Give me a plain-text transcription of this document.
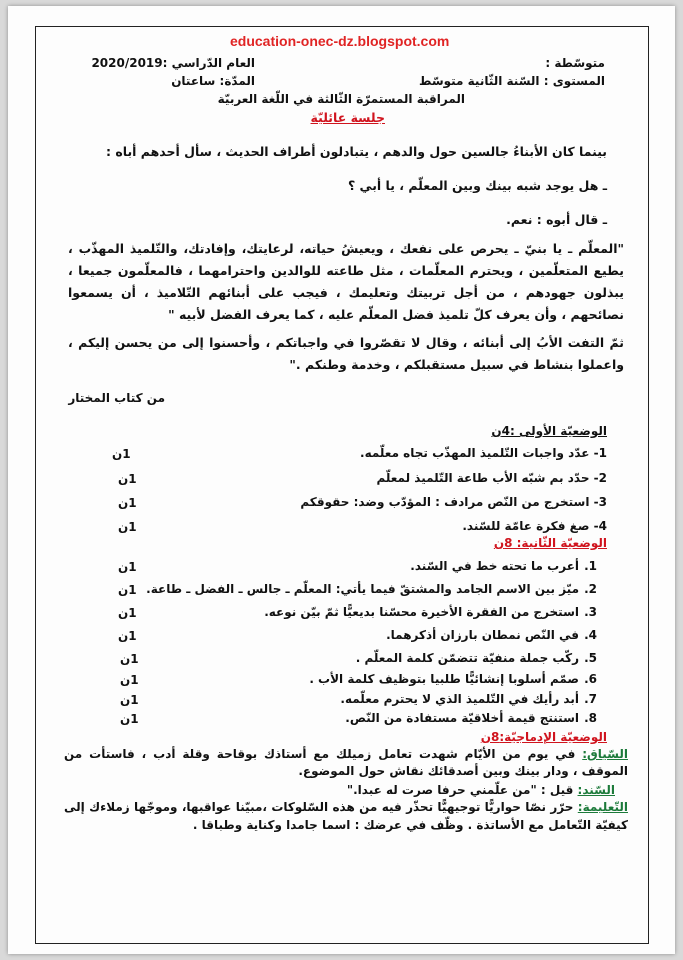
education-onec-dz.blogspot.com
متوسّطة :
العام الدّراسي :2020/2019
المستوى : السّنة الثّانية متوسّط
المدّة: ساعتان
المراقبة المستمرّة الثّالثة في اللّغة العربيّة
جلسة عائليّة
بينما كان الأبناءُ جالسين حول والدهم ، يتبادلون أطراف الحديث ، سأل أحدهم أباه :
ـ هل يوجد شبه بينك وبين المعلّم ، يا أبي ؟
ـ قال أبوه : نعم.
"المعلّم ـ يا بنيّ ـ يحرص على نفعك ، ويعيشُ حياته، لرعايتك، وإفادتك، والتّلميذ المهذّب ، يطيع المتعلّمين ، ويحترم المعلّمات ، مثل طاعته للوالدين واحترامهما ، فالمعلّمون جميعا ، يبذلون جهودهم ، من أجل تربيتك وتعليمك ، فيجب على أبنائهم التّلاميذ ، أن يسمعوا نصائحهم ، وأن يعرف كلّ تلميذ فضل المعلّم عليه ، كما يعرف الفضل لأبيه "
ثمّ التفت الأبُ إلى أبنائه ، وقال لا تقصّروا في واجباتكم ، وأحسنوا إلى من يحسن إليكم ، واعملوا بنشاط في سبيل مستقبلكم ، وخدمة وطنكم ."
من كتاب المختار
الوضعيّة الأولى :4ن
1- عدّد واجبات التّلميذ المهذّب تجاه معلّمه.
1ن
2- حدّد بم شبّه الأب طاعة التّلميذ لمعلّم
1ن
3- استخرج من النّص مرادف : المؤدّب وضد: حقوقكم
1ن
4- صغ فكرة عامّة للسّند.
1ن
الوضعيّة الثّانية: 8ن
1.أعرب ما تحته خط في السّند.
1ن
2.ميّز بين الاسم الجامد والمشتقّ فيما يأتي: المعلّم ـ جالس ـ الفضل ـ طاعة.
1ن
3.استخرج من الفقرة الأخيرة محسّنا بديعيًّا ثمّ بيّن نوعه.
1ن
4.في النّص نمطان بارزان أذكرهما.
1ن
5.ركّب جملة منفيّة تتضمّن كلمة المعلّم .
1ن
6.صمّم أسلوبا إنشائيًّا طلبيا بتوظيف كلمة الأب .
1ن
7.أبد رأيك في التّلميذ الذي لا يحترم معلّمه.
1ن
8.استنتج قيمة أخلاقيّة مستفادة من النّص.
1ن
الوضعيّة الإدماجيّة:8ن
السّياق: في يوم من الأيّام شهدت تعامل زميلك مع أستاذك بوقاحة وقلة أدب ، فاستأت من الموقف ، ودار بينك وبين أصدقائك نقاش حول الموضوع.
السّند: قيل : "من علّمني حرفا صرت له عبدا."
التّعليمة: حرّر نصّا حواريًّا توجيهيًّا تحذّر فيه من هذه السّلوكات ،مبيّنا عواقبها، وموجّها زملاءك إلى كيفيّة التّعامل مع الأساتذة . وظّف في عرضك : اسما جامدا وكناية وطباقا .
